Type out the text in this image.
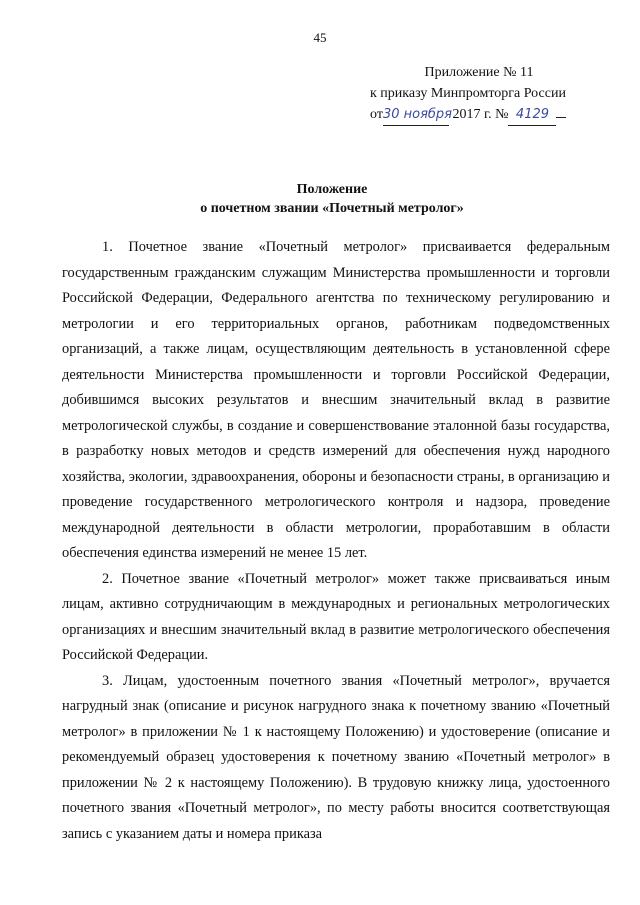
45
Приложение № 11
к приказу Минпромторга России
от30 ноября 2017 г. № 4129
Положение
о почетном звании «Почетный метролог»

1. Почетное звание «Почетный метролог» присваивается федеральным государственным гражданским служащим Министерства промышленности и торговли Российской Федерации, Федерального агентства по техническому регулированию и метрологии и его территориальных органов, работникам подведомственных организаций, а также лицам, осуществляющим деятельность в установленной сфере деятельности Министерства промышленности и торговли Российской Федерации, добившимся высоких результатов и внесшим значительный вклад в развитие метрологической службы, в создание и совершенствование эталонной базы государства, в разработку новых методов и средств измерений для обеспечения нужд народного хозяйства, экологии, здравоохранения, обороны и безопасности страны, в организацию и проведение государственного метрологического контроля и надзора, проведение международной деятельности в области метрологии, проработавшим в области обеспечения единства измерений не менее 15 лет.

2. Почетное звание «Почетный метролог» может также присваиваться иным лицам, активно сотрудничающим в международных и региональных метрологических организациях и внесшим значительный вклад в развитие метрологического обеспечения Российской Федерации.

3. Лицам, удостоенным почетного звания «Почетный метролог», вручается нагрудный знак (описание и рисунок нагрудного знака к почетному званию «Почетный метролог» в приложении № 1 к настоящему Положению) и удостоверение (описание и рекомендуемый образец удостоверения к почетному званию «Почетный метролог» в приложении № 2 к настоящему Положению). В трудовую книжку лица, удостоенного почетного звания «Почетный метролог», по месту работы вносится соответствующая запись с указанием даты и номера приказа
